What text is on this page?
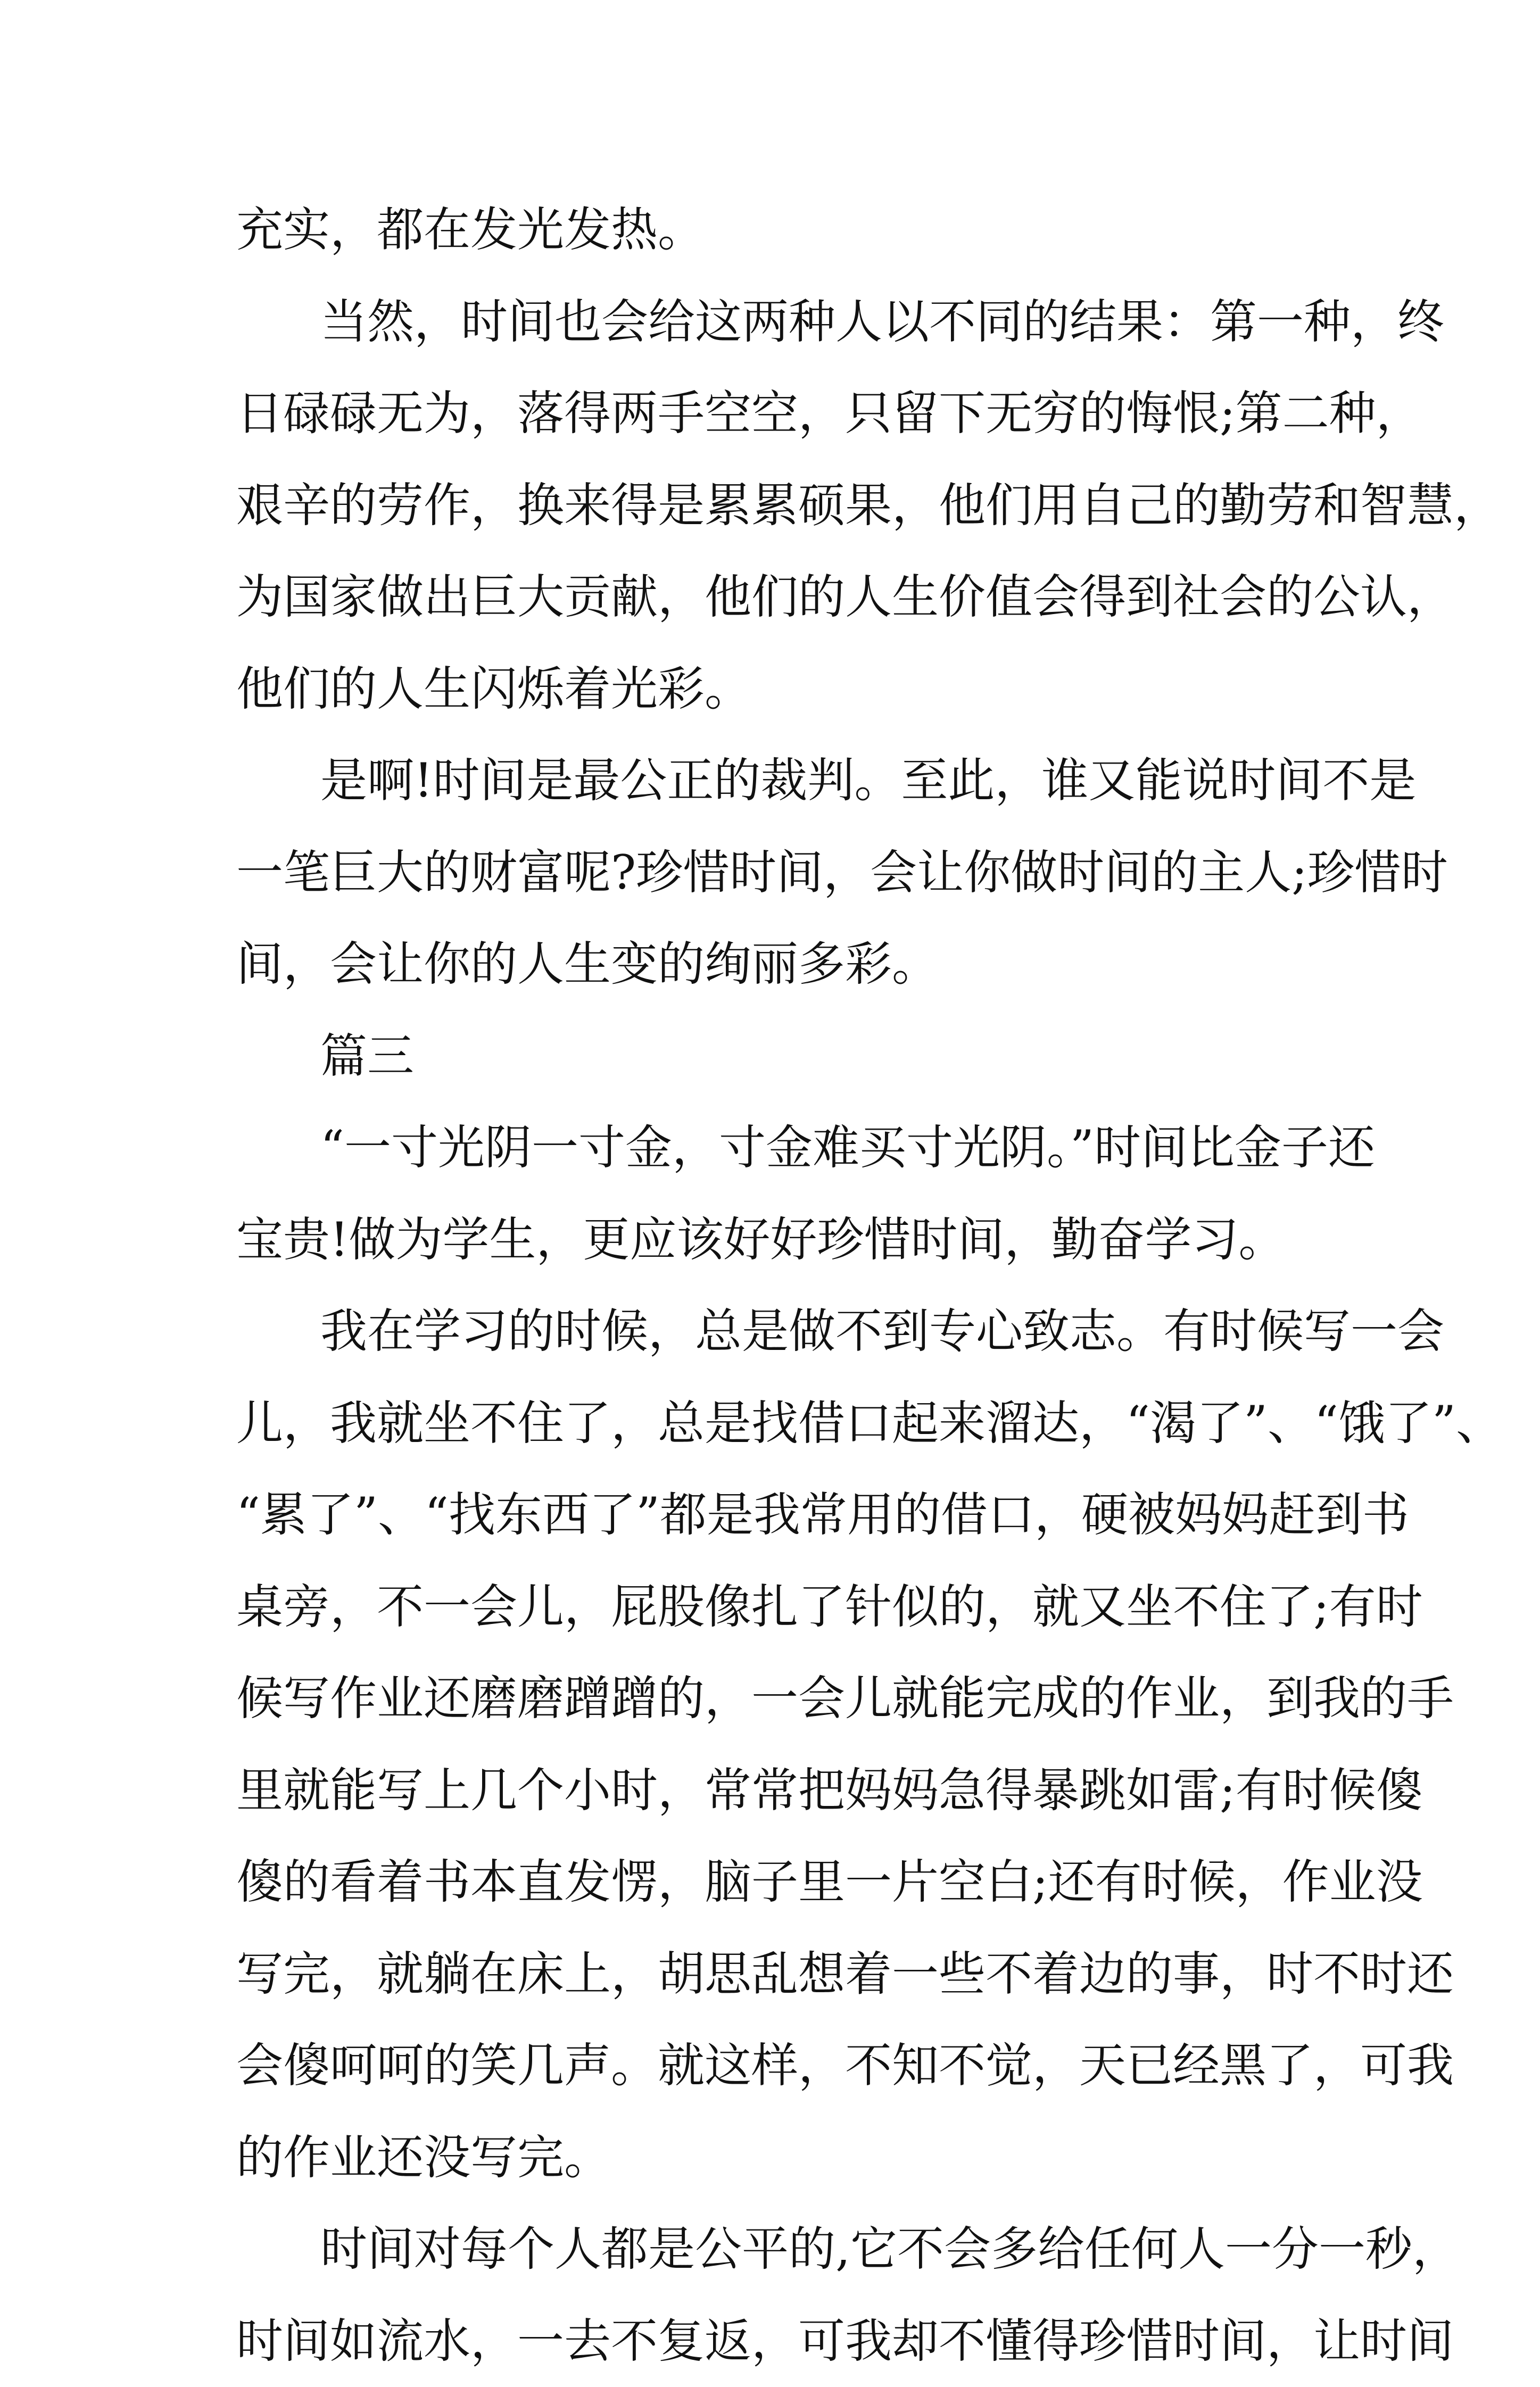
充实，都在发光发热。
当然，时间也会给这两种人以不同的结果：第一种，终
日碌碌无为，落得两手空空，只留下无穷的悔恨;第二种，
艰辛的劳作，换来得是累累硕果，他们用自己的勤劳和智慧，
为国家做出巨大贡献，他们的人生价值会得到社会的公认，
他们的人生闪烁着光彩。
是啊!时间是最公正的裁判。至此，谁又能说时间不是
一笔巨大的财富呢?珍惜时间，会让你做时间的主人;珍惜时
间，会让你的人生变的绚丽多彩。
篇三
“一寸光阴一寸金，寸金难买寸光阴。”时间比金子还
宝贵!做为学生，更应该好好珍惜时间，勤奋学习。
我在学习的时候，总是做不到专心致志。有时候写一会
儿，我就坐不住了，总是找借口起来溜达，“渴了”、“饿了”、
“累了”、“找东西了”都是我常用的借口，硬被妈妈赶到书
桌旁，不一会儿，屁股像扎了针似的，就又坐不住了;有时
候写作业还磨磨蹭蹭的，一会儿就能完成的作业，到我的手
里就能写上几个小时，常常把妈妈急得暴跳如雷;有时候傻
傻的看着书本直发愣，脑子里一片空白;还有时候，作业没
写完，就躺在床上，胡思乱想着一些不着边的事，时不时还
会傻呵呵的笑几声。就这样，不知不觉，天已经黑了，可我
的作业还没写完。
时间对每个人都是公平的,它不会多给任何人一分一秒，
时间如流水，一去不复返，可我却不懂得珍惜时间，让时间
